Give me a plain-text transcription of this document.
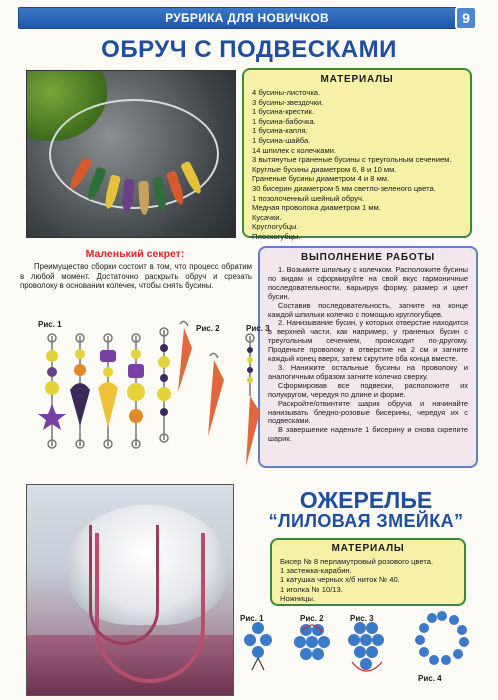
РУБРИКА ДЛЯ НОВИЧКОВ	9
ОБРУЧ С ПОДВЕСКАМИ
МАТЕРИАЛЫ
4 бусины-листочка.
3 бусины-звездочки.
1 бусина-крестик.
1 бусина-бабочка.
1 бусина-капля.
1 бусина-шайба.
14 шпилек с колечками.
3 вытянутые граненые бусины с треугольным сечением.
Круглые бусины диаметром 6, 8 и 10 мм.
Граненые бусины диаметром 4 и 8 мм.
30 бисерин диаметром 5 мм светло-зеленого цвета.
1 позолоченный шейный обруч.
Медная проволока диаметром 1 мм.
Кусачки.
Круглогубцы.
Плоскогубцы.
Маленький секрет:
Преимущество сборки состоит в том, что процесс обратим в любой момент. Достаточно раскрыть обруч и срезать проволоку в основании колечек, чтобы снять бусины.
ВЫПОЛНЕНИЕ РАБОТЫ

1. Возьмите шпильку с колечком. Расположите бусины по видам и сформируйте на свой вкус гармоничные последовательности, варьируя форму, размер и цвет бусин.

Составив последовательность, загните на конце каждой шпильки колечко с помощью круглогубцев.

2. Нанизывание бусин, у которых отверстие находится в верхней части, как например, у граненых бусин с треугольным сечением, происходит по-другому. Проденьте проволоку в отверстие на 2 см и загните каждый конец вверх, затем скрутите оба конца вместе.

3. Нанижите остальные бусины на проволоку и аналогичным образом загните колечко сверху.

Сформировав все подвески, расположите их полукругом, чередуя по длине и форме.

Раскройте/отвинтите шарик обруча и начинайте нанизывать бледно-розовые бисерины, чередуя их с подвесками.

В завершение наденьте 1 бисерину и снова скрепите шарик.

Рис. 1	Рис. 2	Рис. 3
ОЖЕРЕЛЬЕ
“ЛИЛОВАЯ ЗМЕЙКА”
МАТЕРИАЛЫ
Бисер № 8 перламутровый розового цвета.
1 застежка-карабин.
1 катушка черных х/б ниток № 40.
1 иголка № 10/13.
Ножницы.
Рис. 1	Рис. 2	Рис. 3
Рис. 4
